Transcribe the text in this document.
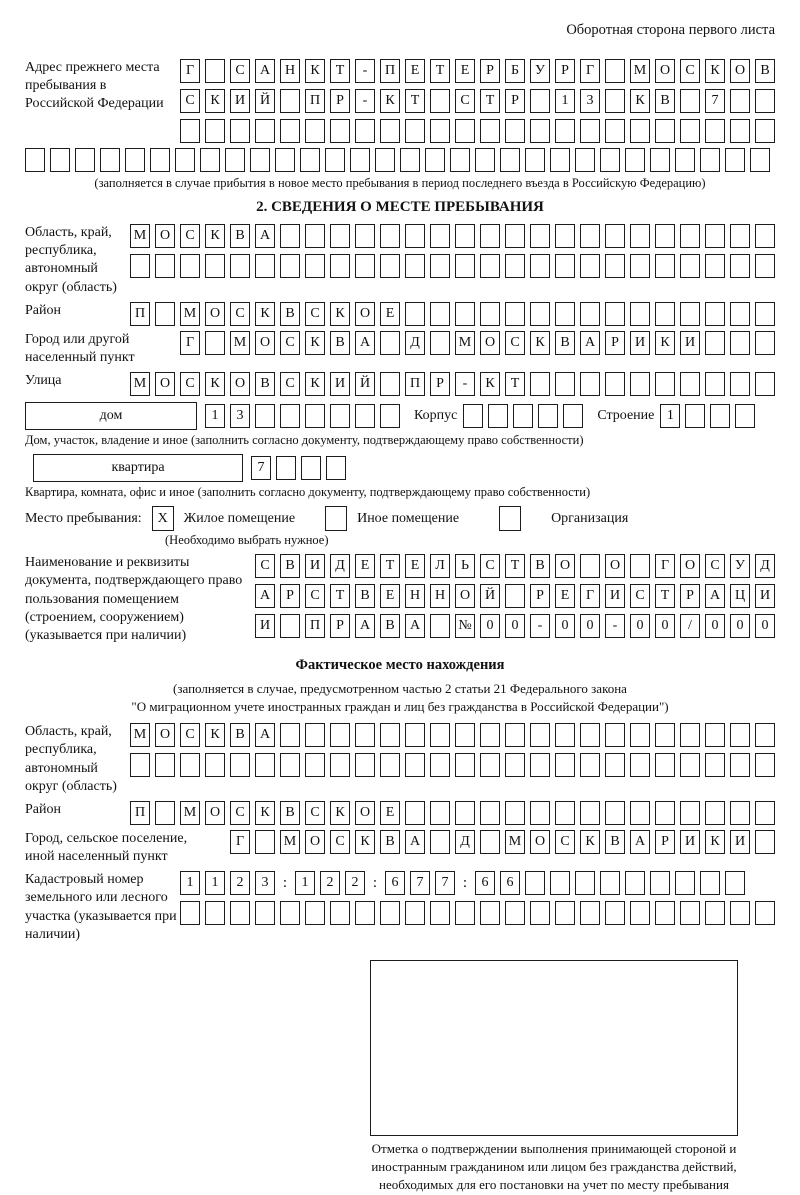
Оборотная сторона первого листа
Адрес прежнего места пребывания в Российской Федерации
Г	С	А	Н	К	Т	-	П	Е	Т	Е	Р	Б	У	Р	Г	М О	С	К	О	В
С	К	И	Й	П	Р	-	К	Т	С	Т	Р	1	3	К	В	7
(заполняется в случае прибытия в новое место пребывания в период последнего въезда в Российскую Федерацию)
2. СВЕДЕНИЯ О МЕСТЕ ПРЕБЫВАНИЯ
Область, край, республика, автономный округ (область)
М О	С	К	В	А
Район	П	М О	С	К	В	С	К	О	Е
Город или другой населенный пункт
Г	М О	С	К	В	А	Д	М О	С	К	В	А	Р	И	К	И
Улица	М О	С	К	О	В	С	К	И	Й	П	Р	-	К	Т
дом	1	3	Корпус	Строение 1
Дом, участок, владение и иное (заполнить согласно документу, подтверждающему право собственности)
квартира	7
Квартира, комната, офис и иное (заполнить согласно документу, подтверждающему право собственности)
Место пребывания:	X	Жилое помещение	Иное помещение	Организация
(Необходимо выбрать нужное)
Наименование и реквизиты документа, подтверждающего право пользования помещением (строением, сооружением) (указывается при наличии)
С	В	И	Д	Е	Т	Е	Л	Ь	С	Т	В	О	О	Г	О	С	У	Д
А	Р	С	Т	В	Е	Н	Н	О	Й	Р	Е	Г	И	С	Т	Р	А	Ц	И
И	П	Р	А	В	А	№	0	0	-	0	0	-	0	0	/	0	0	0
Фактическое место нахождения
(заполняется в случае, предусмотренном частью 2 статьи 21 Федерального закона
"О миграционном учете иностранных граждан и лиц без гражданства в Российской Федерации")
Область, край, республика, автономный округ (область)
М О	С	К	В	А
Район	П	М О	С	К	В	С	К	О	Е
Город, сельское поселение, иной населенный пункт
Г	М О	С	К	В	А	Д	М О	С	К	В	А	Р	И	К	И
Кадастровый номер земельного или лесного участка (указывается при наличии)
1	1	2	3 :	1	2	2 :	6	7	7 :	6	6
Отметка о подтверждении выполнения принимающей стороной и иностранным гражданином или лицом без гражданства действий, необходимых для его постановки на учет по месту пребывания
